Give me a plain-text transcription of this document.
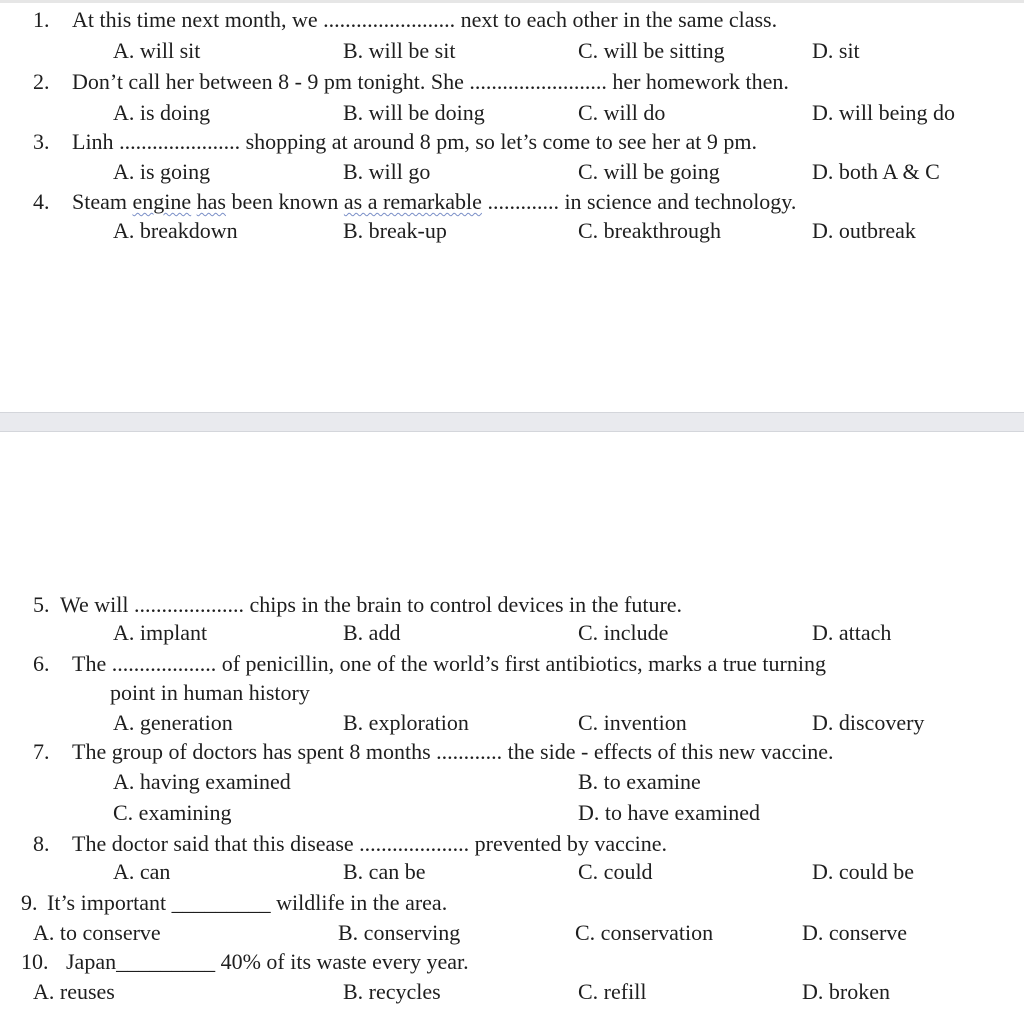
1. At this time next month, we ........................ next to each other in the same class.
A. will sit	B. will be sit	C. will be sitting	D. sit
2. Don’t call her between 8 - 9 pm tonight. She ......................... her homework then.
A. is doing	B. will be doing	C. will do	D. will being do
3. Linh ...................... shopping at around 8 pm, so let’s come to see her at 9 pm.
A. is going	B. will go	C. will be going	D. both A & C
4. Steam engine has been known as a remarkable ............. in science and technology.
A. breakdown	B. break-up	C. breakthrough	D. outbreak
5. We will .................... chips in the brain to control devices in the future.
A. implant	B. add	C. include	D. attach
6. The ................... of penicillin, one of the world’s first antibiotics, marks a true turning
point in human history
A. generation	B. exploration	C. invention	D. discovery
7. The group of doctors has spent 8 months ............ the side - effects of this new vaccine.
A. having examined	B. to examine
C. examining	D. to have examined
8. The doctor said that this disease .................... prevented by vaccine.
A. can	B. can be	C. could	D. could be
9. It’s important _________ wildlife in the area.
A. to conserve	B. conserving	C. conservation	D. conserve
10. Japan_________ 40% of its waste every year.
A. reuses	B. recycles	C. refill	D. broken
